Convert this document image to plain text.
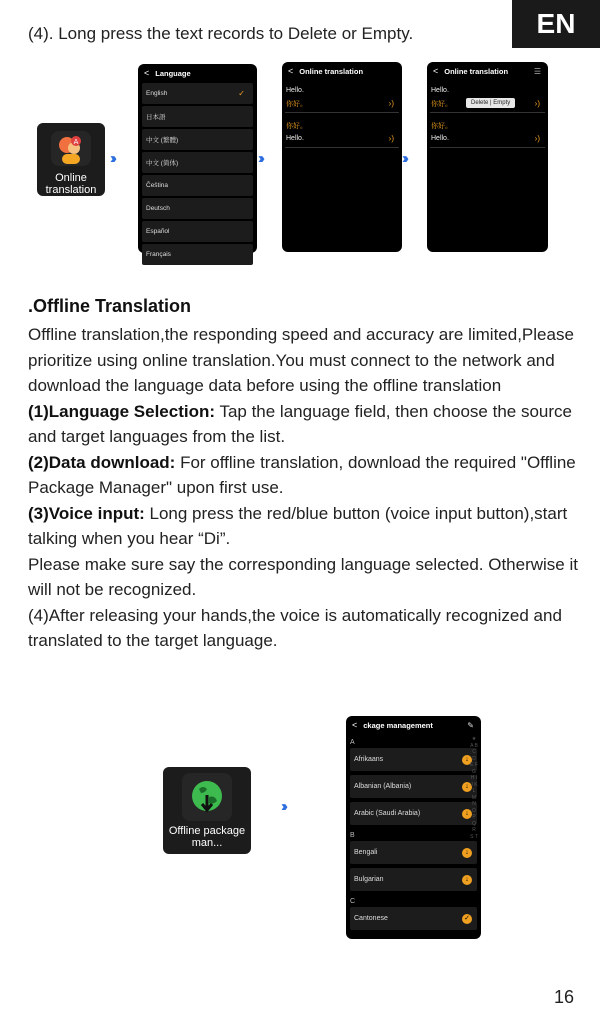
(4). Long press the text records to Delete or Empty.	EN
A
Online translation
›››
< Language
English	✓
日本語
中文 (繁體)
中文 (简体)
Čeština
Deutsch
Español
Français
›››
< Online translation
Hello.
你好。	›)
你好。
Hello.	›)
›››
< Online translation	☰
Hello.
你好。	Delete | Empty	›)
你好。
Hello.	›)
.Offline Translation
Offline translation,the responding speed and accuracy are limited,Please prioritize using online translation.You must connect to the network and download the language data before using the offline translation
(1)Language Selection: Tap the language field, then choose the source and target languages from the list.
(2)Data download: For offline translation, download the required "Offline Package Manager" upon first use.
(3)Voice input: Long press the red/blue button (voice input button),start talking when you hear “Di”.
Please make sure say the corresponding language selected. Otherwise it will not be recognized.
(4)After releasing your hands,the voice is automatically recognized and translated to the target language.
Offline package man...
›››
< ckage management	✎
A
Afrikaans	↓
Albanian (Albania)	↓
Arabic (Saudi Arabia)	↓
B
Bengali	↓
Bulgarian	↓
C
Cantonese	✓
★ A B C D E F G H I J K L M N O P Q R S T
16
